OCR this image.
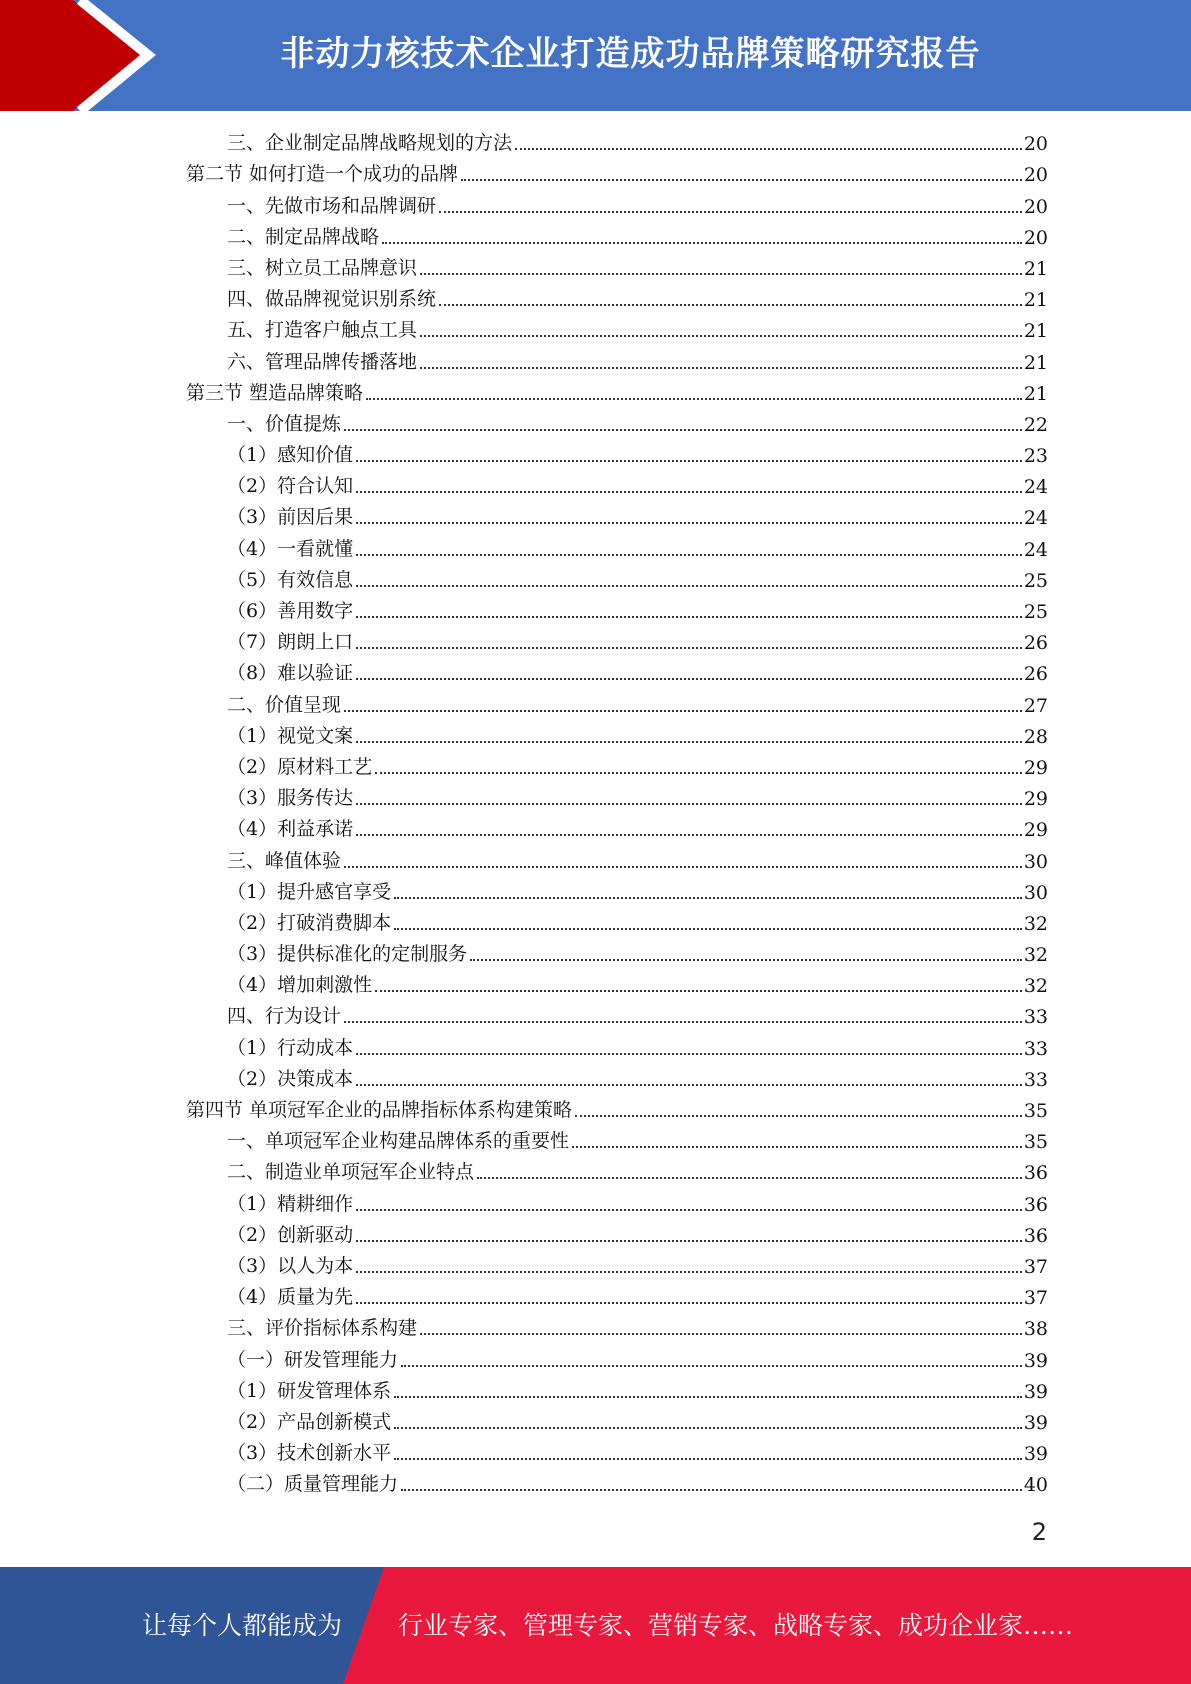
非动力核技术企业打造成功品牌策略研究报告
三、企业制定品牌战略规划的方法	20
第二节 如何打造一个成功的品牌	20
一、先做市场和品牌调研	20
二、制定品牌战略	20
三、树立员工品牌意识	21
四、做品牌视觉识别系统	21
五、打造客户触点工具	21
六、管理品牌传播落地	21
第三节 塑造品牌策略	21
一、价值提炼	22
（1）感知价值	23
（2）符合认知	24
（3）前因后果	24
（4）一看就懂	24
（5）有效信息	25
（6）善用数字	25
（7）朗朗上口	26
（8）难以验证	26
二、价值呈现	27
（1）视觉文案	28
（2）原材料工艺	29
（3）服务传达	29
（4）利益承诺	29
三、峰值体验	30
（1）提升感官享受	30
（2）打破消费脚本	32
（3）提供标准化的定制服务	32
（4）增加刺激性	32
四、行为设计	33
（1）行动成本	33
（2）决策成本	33
第四节 单项冠军企业的品牌指标体系构建策略	35
一、单项冠军企业构建品牌体系的重要性	35
二、制造业单项冠军企业特点	36
（1）精耕细作	36
（2）创新驱动	36
（3）以人为本	37
（4）质量为先	37
三、评价指标体系构建	38
（一）研发管理能力	39
（1）研发管理体系	39
（2）产品创新模式	39
（3）技术创新水平	39
（二）质量管理能力	40
2
让每个人都能成为 行业专家、管理专家、营销专家、战略专家、成功企业家……
